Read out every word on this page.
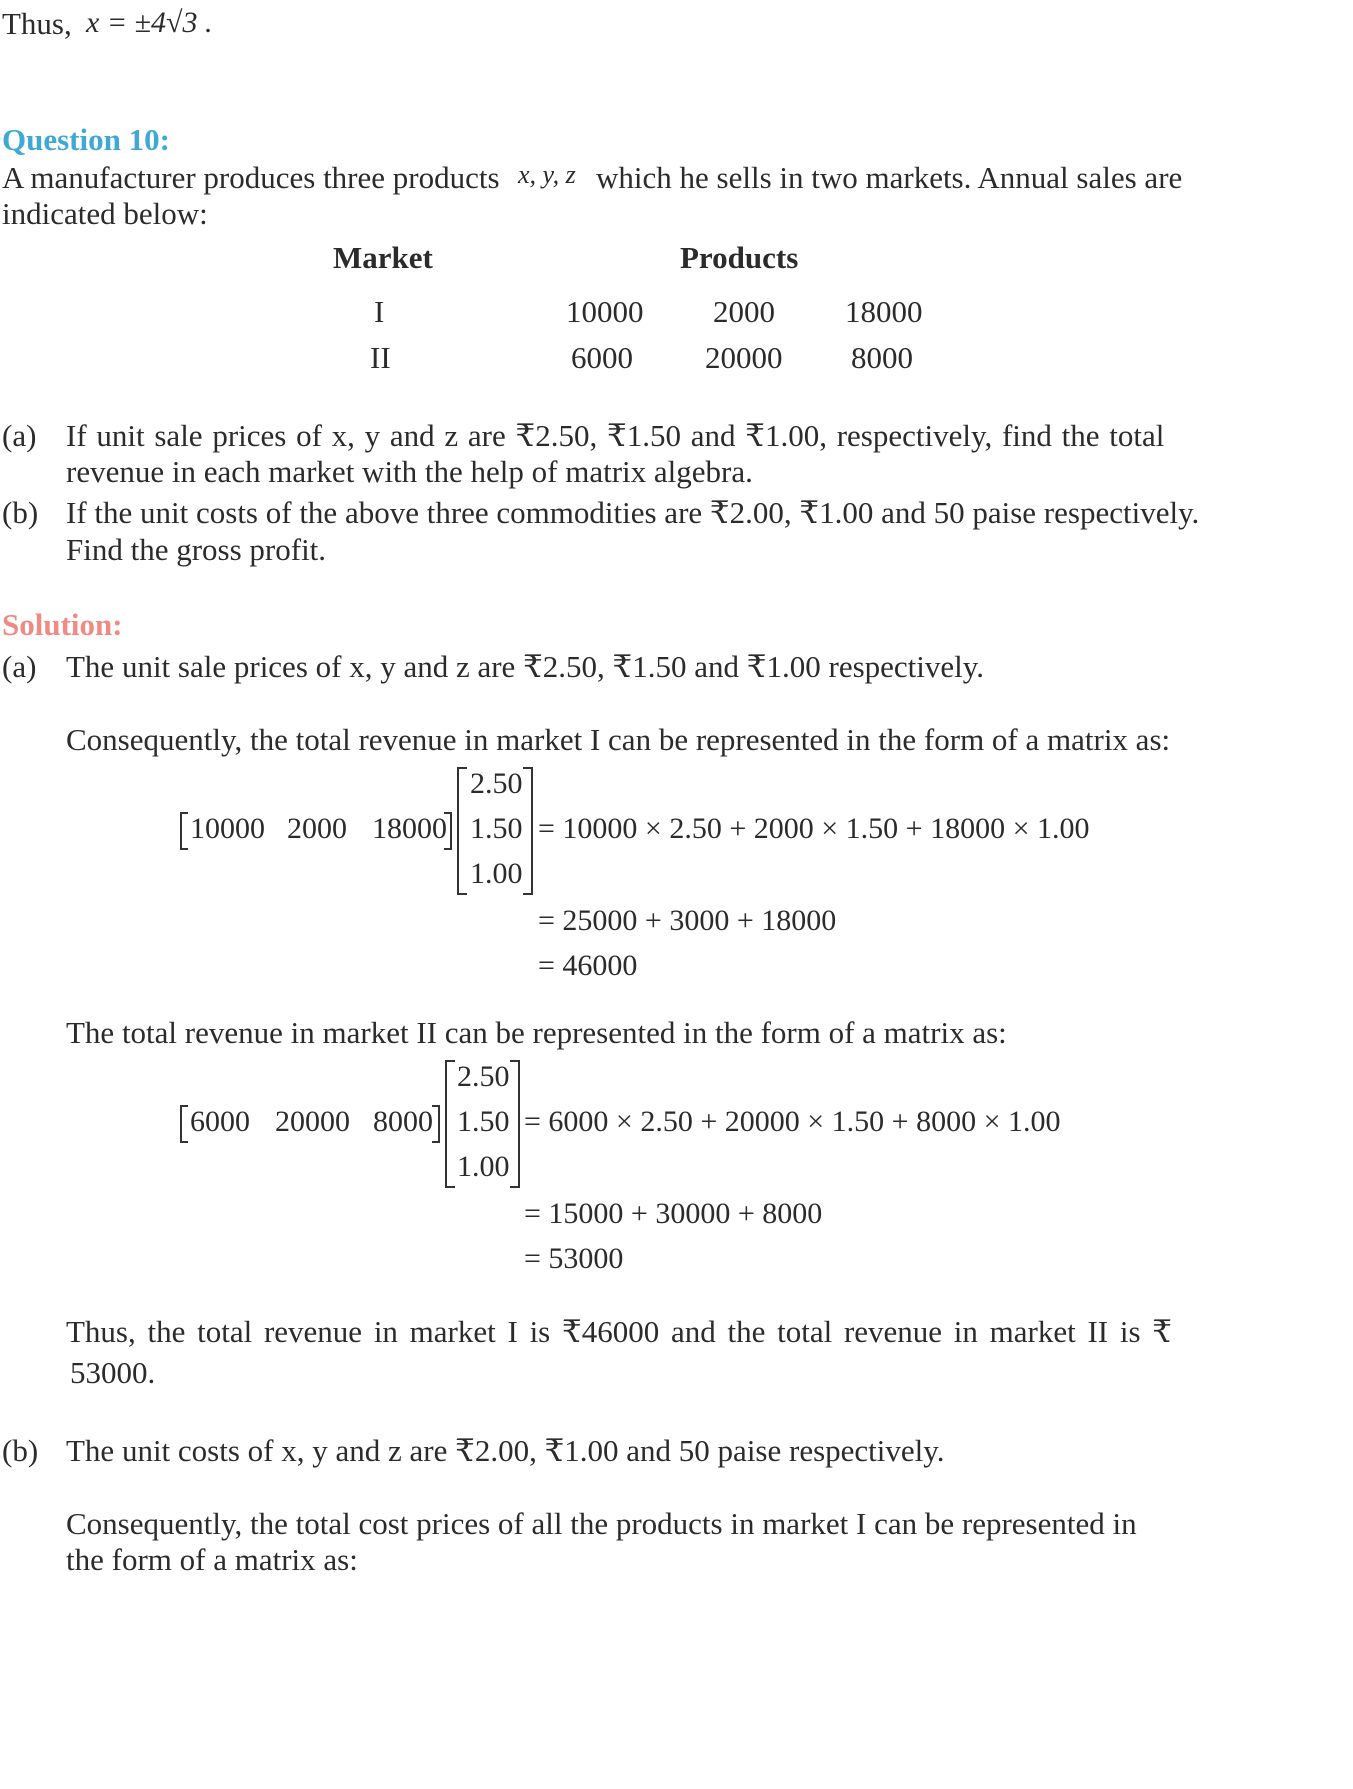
Thus, x = ±4√3 .
Question 10:
A manufacturer produces three products x, y, z which he sells in two markets. Annual sales are
indicated below:
Market	Products
I	10000 2000 18000
II	6000 20000 8000
(a) If unit sale prices of x, y and z are ₹2.50, ₹1.50 and ₹1.00, respectively, find the total
revenue in each market with the help of matrix algebra.
(b) If the unit costs of the above three commodities are ₹2.00, ₹1.00 and 50 paise respectively.
Find the gross profit.
Solution:
(a) The unit sale prices of x, y and z are ₹2.50, ₹1.50 and ₹1.00 respectively.
Consequently, the total revenue in market I can be represented in the form of a matrix as:
10000 2000 18000
2.50
1.50
1.00
= 10000 × 2.50 + 2000 × 1.50 + 18000 × 1.00
= 25000 + 3000 + 18000
= 46000
The total revenue in market II can be represented in the form of a matrix as:
6000 20000 8000
2.50
1.50
1.00
= 6000 × 2.50 + 20000 × 1.50 + 8000 × 1.00
= 15000 + 30000 + 8000
= 53000
Thus, the total revenue in market I is ₹46000 and the total revenue in market II is ₹
53000.
(b) The unit costs of x, y and z are ₹2.00, ₹1.00 and 50 paise respectively.
Consequently, the total cost prices of all the products in market I can be represented in
the form of a matrix as:
